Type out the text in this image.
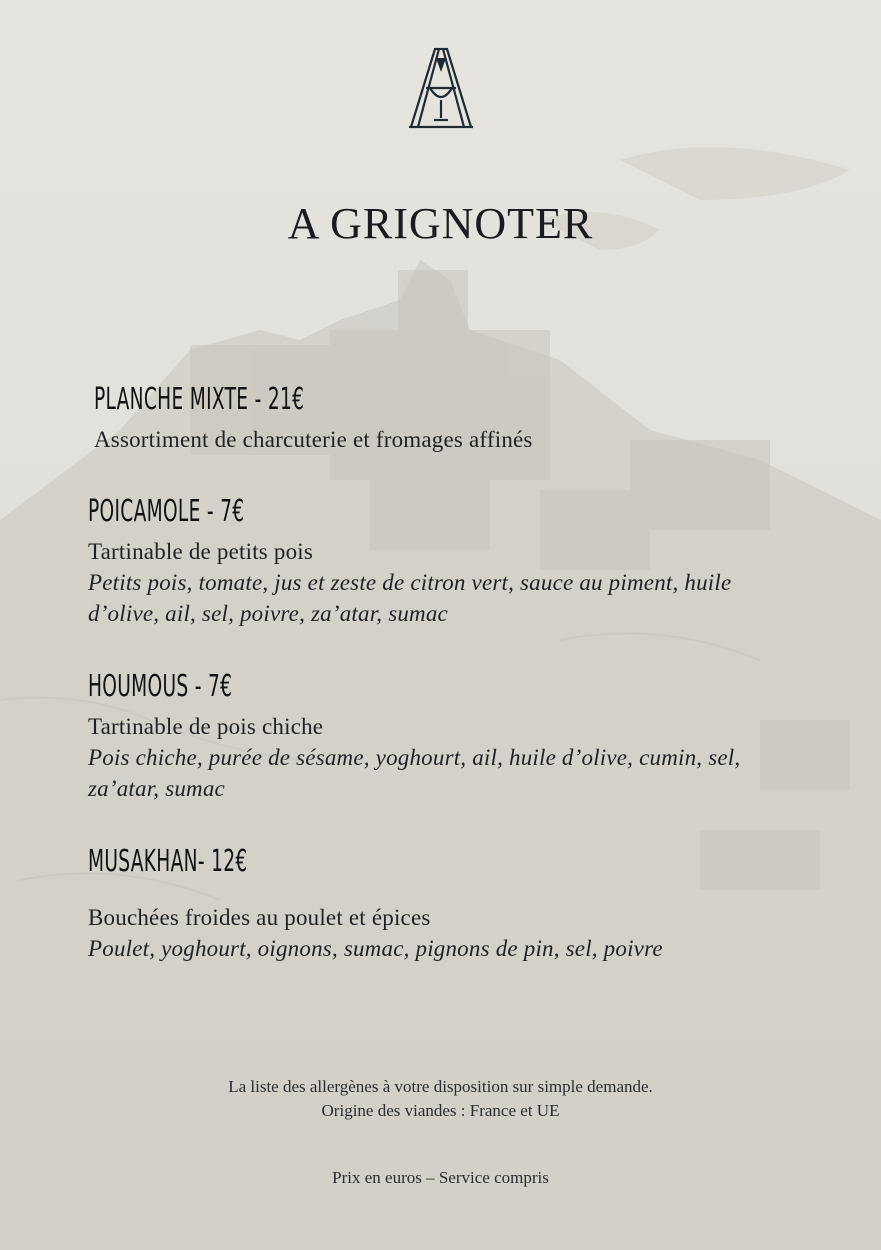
A GRIGNOTER
PLANCHE MIXTE - 21€
Assortiment de charcuterie et fromages affinés
POICAMOLE - 7€
Tartinable de petits pois
Petits pois, tomate, jus et zeste de citron vert, sauce au piment, huile d’olive, ail, sel, poivre, za’atar, sumac
HOUMOUS - 7€
Tartinable de pois chiche
Pois chiche, purée de sésame, yoghourt, ail, huile d’olive, cumin, sel, za’atar, sumac
MUSAKHAN- 12€
Bouchées froides au poulet et épices
Poulet, yoghourt, oignons, sumac, pignons de pin, sel, poivre
La liste des allergènes à votre disposition sur simple demande.
Origine des viandes : France et UE
Prix en euros – Service compris
